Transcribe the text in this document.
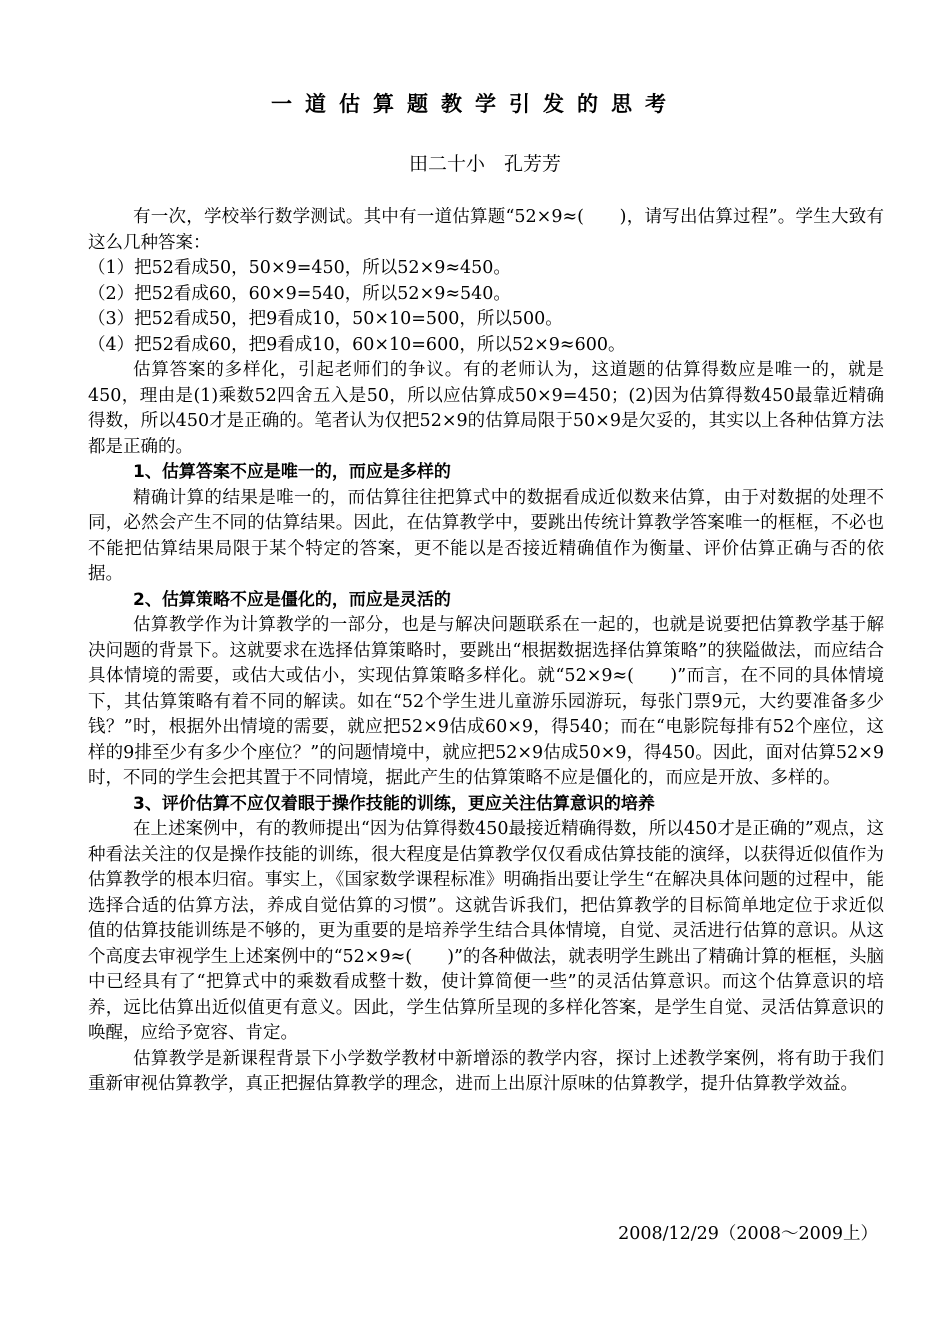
一道估算题教学引发的思考
田二十小　孔芳芳

有一次，学校举行数学测试。其中有一道估算题“52×9≈(　　)，请写出估算过程”。学生大致有这么几种答案：

（1）把52看成50，50×9=450，所以52×9≈450。

（2）把52看成60，60×9=540，所以52×9≈540。

（3）把52看成50，把9看成10，50×10=500，所以500。

（4）把52看成60，把9看成10，60×10=600，所以52×9≈600。

估算答案的多样化，引起老师们的争议。有的老师认为，这道题的估算得数应是唯一的，就是450，理由是(1)乘数52四舍五入是50，所以应估算成50×9=450；(2)因为估算得数450最靠近精确得数，所以450才是正确的。笔者认为仅把52×9的估算局限于50×9是欠妥的，其实以上各种估算方法都是正确的。

1、估算答案不应是唯一的，而应是多样的

精确计算的结果是唯一的，而估算往往把算式中的数据看成近似数来估算，由于对数据的处理不同，必然会产生不同的估算结果。因此，在估算教学中，要跳出传统计算教学答案唯一的框框，不必也不能把估算结果局限于某个特定的答案，更不能以是否接近精确值作为衡量、评价估算正确与否的依据。

2、估算策略不应是僵化的，而应是灵活的

估算教学作为计算教学的一部分，也是与解决问题联系在一起的，也就是说要把估算教学基于解决问题的背景下。这就要求在选择估算策略时，要跳出“根据数据选择估算策略”的狭隘做法，而应结合具体情境的需要，或估大或估小，实现估算策略多样化。就“52×9≈(　　)”而言，在不同的具体情境下，其估算策略有着不同的解读。如在“52个学生进儿童游乐园游玩，每张门票9元，大约要准备多少钱？”时，根据外出情境的需要，就应把52×9估成60×9，得540；而在“电影院每排有52个座位，这样的9排至少有多少个座位？”的问题情境中，就应把52×9估成50×9，得450。因此，面对估算52×9时，不同的学生会把其置于不同情境，据此产生的估算策略不应是僵化的，而应是开放、多样的。

3、评价估算不应仅着眼于操作技能的训练，更应关注估算意识的培养

在上述案例中，有的教师提出“因为估算得数450最接近精确得数，所以450才是正确的”观点，这种看法关注的仅是操作技能的训练，很大程度是估算教学仅仅看成估算技能的演绎，以获得近似值作为估算教学的根本归宿。事实上，《国家数学课程标准》明确指出要让学生“在解决具体问题的过程中，能选择合适的估算方法，养成自觉估算的习惯”。这就告诉我们，把估算教学的目标简单地定位于求近似值的估算技能训练是不够的，更为重要的是培养学生结合具体情境，自觉、灵活进行估算的意识。从这个高度去审视学生上述案例中的“52×9≈(　　)”的各种做法，就表明学生跳出了精确计算的框框，头脑中已经具有了“把算式中的乘数看成整十数，使计算简便一些”的灵活估算意识。而这个估算意识的培养，远比估算出近似值更有意义。因此，学生估算所呈现的多样化答案，是学生自觉、灵活估算意识的唤醒，应给予宽容、肯定。

估算教学是新课程背景下小学数学教材中新增添的教学内容，探讨上述教学案例，将有助于我们重新审视估算教学，真正把握估算教学的理念，进而上出原汁原味的估算教学，提升估算教学效益。

2008/12/29（2008～2009上）
